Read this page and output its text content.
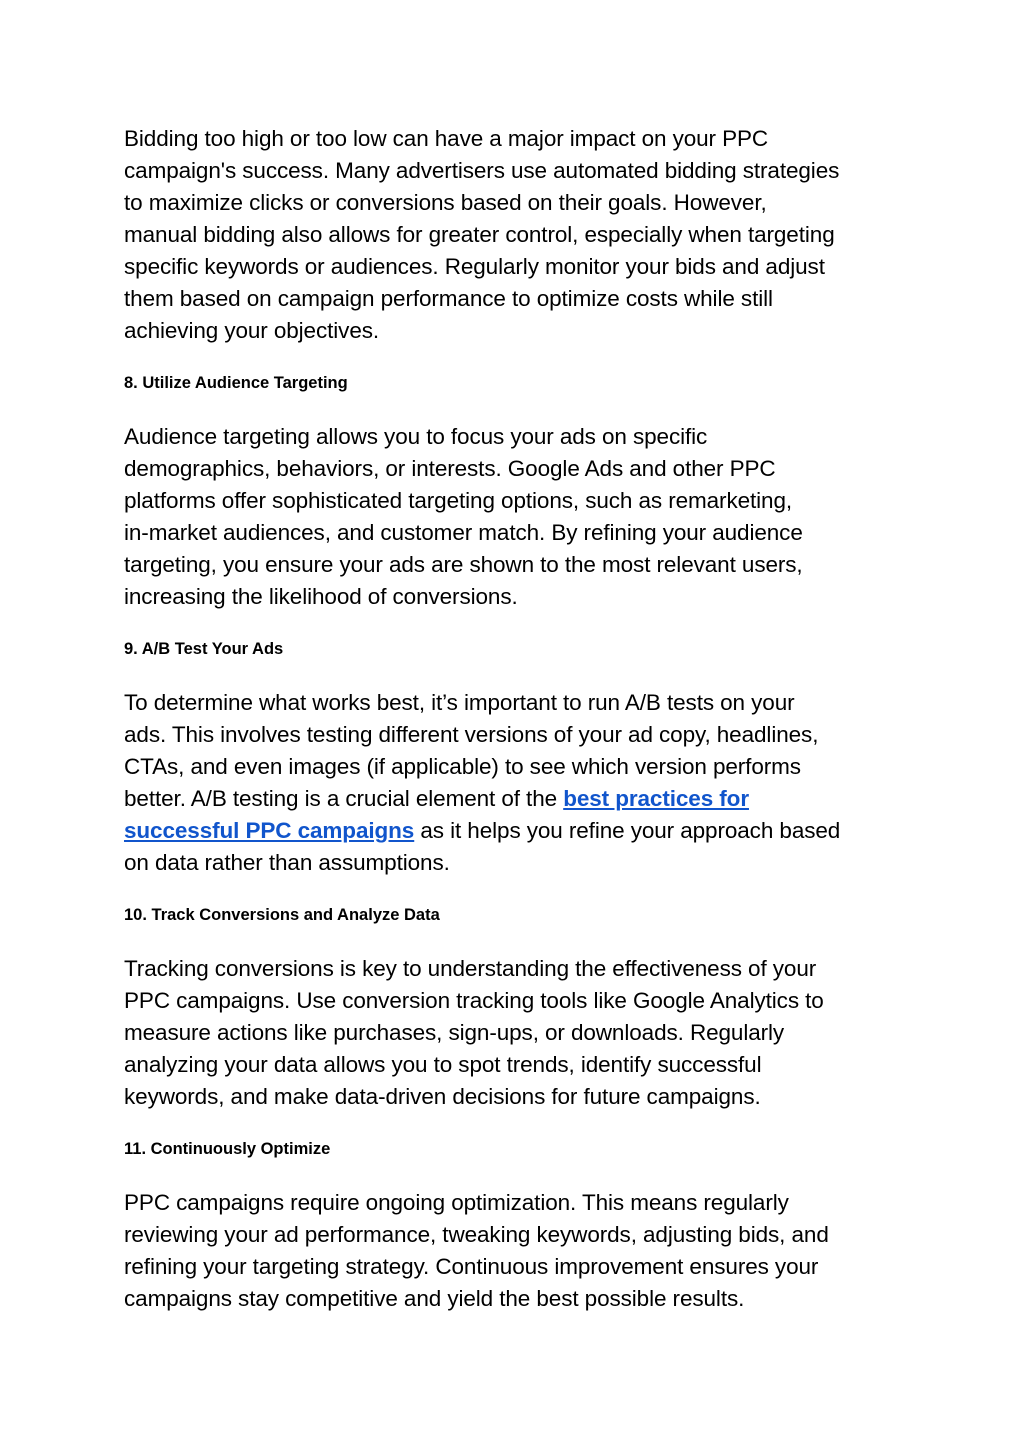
Bidding too high or too low can have a major impact on your PPC
campaign's success. Many advertisers use automated bidding strategies
to maximize clicks or conversions based on their goals. However,
manual bidding also allows for greater control, especially when targeting
specific keywords or audiences. Regularly monitor your bids and adjust
them based on campaign performance to optimize costs while still
achieving your objectives.

8. Utilize Audience Targeting

Audience targeting allows you to focus your ads on specific
demographics, behaviors, or interests. Google Ads and other PPC
platforms offer sophisticated targeting options, such as remarketing,
in-market audiences, and customer match. By refining your audience
targeting, you ensure your ads are shown to the most relevant users,
increasing the likelihood of conversions.

9. A/B Test Your Ads

To determine what works best, it’s important to run A/B tests on your
ads. This involves testing different versions of your ad copy, headlines,
CTAs, and even images (if applicable) to see which version performs
better. A/B testing is a crucial element of the best practices for
successful PPC campaigns as it helps you refine your approach based
on data rather than assumptions.

10. Track Conversions and Analyze Data

Tracking conversions is key to understanding the effectiveness of your
PPC campaigns. Use conversion tracking tools like Google Analytics to
measure actions like purchases, sign-ups, or downloads. Regularly
analyzing your data allows you to spot trends, identify successful
keywords, and make data-driven decisions for future campaigns.

11. Continuously Optimize

PPC campaigns require ongoing optimization. This means regularly
reviewing your ad performance, tweaking keywords, adjusting bids, and
refining your targeting strategy. Continuous improvement ensures your
campaigns stay competitive and yield the best possible results.
